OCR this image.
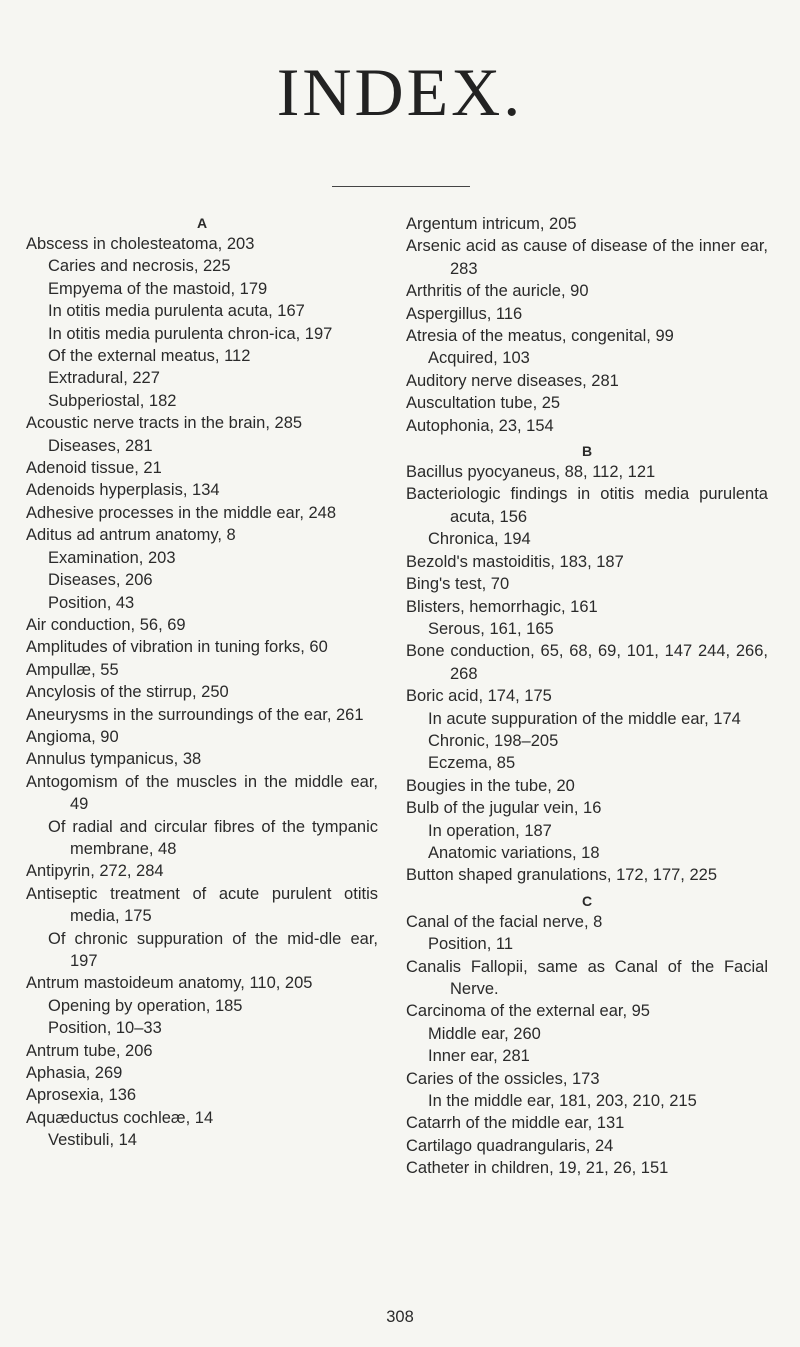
INDEX.
A
Abscess in cholesteatoma, 203
Caries and necrosis, 225
Empyema of the mastoid, 179
In otitis media purulenta acuta, 167
In otitis media purulenta chron-ica, 197
Of the external meatus, 112
Extradural, 227
Subperiostal, 182
Acoustic nerve tracts in the brain, 285
Diseases, 281
Adenoid tissue, 21
Adenoids hyperplasis, 134
Adhesive processes in the middle ear, 248
Aditus ad antrum anatomy, 8
Examination, 203
Diseases, 206
Position, 43
Air conduction, 56, 69
Amplitudes of vibration in tuning forks, 60
Ampullæ, 55
Ancylosis of the stirrup, 250
Aneurysms in the surroundings of the ear, 261
Angioma, 90
Annulus tympanicus, 38
Antogomism of the muscles in the middle ear, 49
Of radial and circular fibres of the tympanic membrane, 48
Antipyrin, 272, 284
Antiseptic treatment of acute purulent otitis media, 175
Of chronic suppuration of the mid-dle ear, 197
Antrum mastoideum anatomy, 110, 205
Opening by operation, 185
Position, 10–33
Antrum tube, 206
Aphasia, 269
Aprosexia, 136
Aquæductus cochleæ, 14
Vestibuli, 14
Argentum intricum, 205
Arsenic acid as cause of disease of the inner ear, 283
Arthritis of the auricle, 90
Aspergillus, 116
Atresia of the meatus, congenital, 99
Acquired, 103
Auditory nerve diseases, 281
Auscultation tube, 25
Autophonia, 23, 154
B
Bacillus pyocyaneus, 88, 112, 121
Bacteriologic findings in otitis media purulenta acuta, 156
Chronica, 194
Bezold's mastoiditis, 183, 187
Bing's test, 70
Blisters, hemorrhagic, 161
Serous, 161, 165
Bone conduction, 65, 68, 69, 101, 147 244, 266, 268
Boric acid, 174, 175
In acute suppuration of the middle ear, 174
Chronic, 198–205
Eczema, 85
Bougies in the tube, 20
Bulb of the jugular vein, 16
In operation, 187
Anatomic variations, 18
Button shaped granulations, 172, 177, 225
C
Canal of the facial nerve, 8
Position, 11
Canalis Fallopii, same as Canal of the Facial Nerve.
Carcinoma of the external ear, 95
Middle ear, 260
Inner ear, 281
Caries of the ossicles, 173
In the middle ear, 181, 203, 210, 215
Catarrh of the middle ear, 131
Cartilago quadrangularis, 24
Catheter in children, 19, 21, 26, 151
308
